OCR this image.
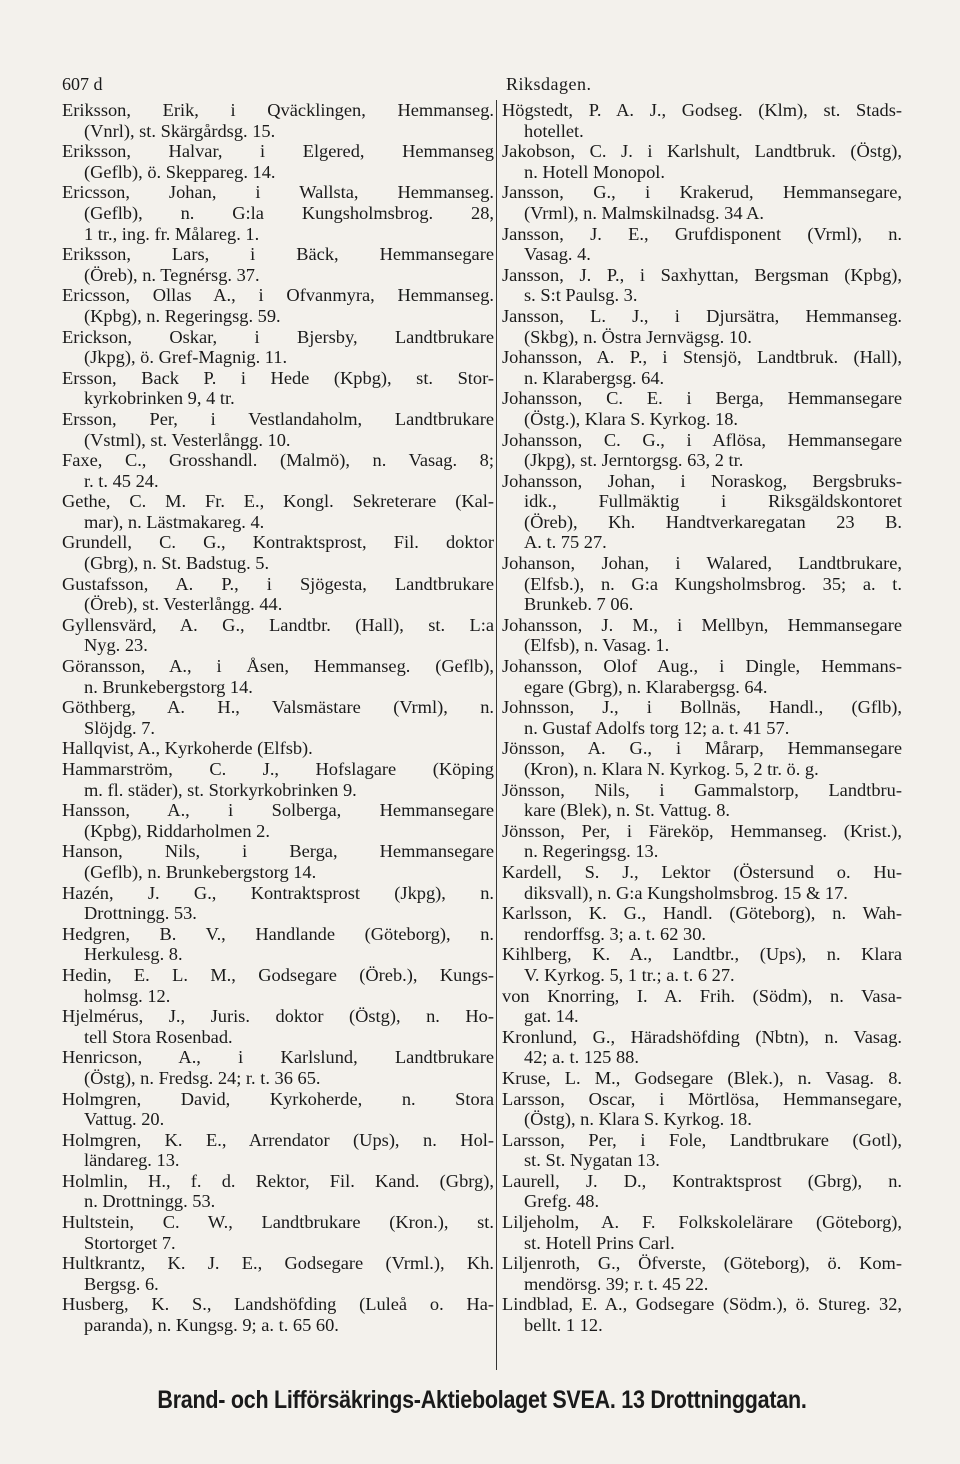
607 d	Riksdagen.
Eriksson, Erik, i Qväcklingen, Hemmanseg.
(Vnrl), st. Skärgårdsg. 15.
Eriksson, Halvar, i Elgered, Hemmanseg
(Geflb), ö. Skeppareg. 14.
Ericsson, Johan, i Wallsta, Hemmanseg.
(Geflb), n. G:la Kungsholmsbrog. 28,
1 tr., ing. fr. Målareg. 1.
Eriksson, Lars, i Bäck, Hemmansegare
(Öreb), n. Tegnérsg. 37.
Ericsson, Ollas A., i Ofvanmyra, Hemmanseg.
(Kpbg), n. Regeringsg. 59.
Erickson, Oskar, i Bjersby, Landtbrukare
(Jkpg), ö. Gref-Magnig. 11.
Ersson, Back P. i Hede (Kpbg), st. Stor-
kyrkobrinken 9, 4 tr.
Ersson, Per, i Vestlandaholm, Landtbrukare
(Vstml), st. Vesterlångg. 10.
Faxe, C., Grosshandl. (Malmö), n. Vasag. 8;
r. t. 45 24.
Gethe, C. M. Fr. E., Kongl. Sekreterare (Kal-
mar), n. Lästmakareg. 4.
Grundell, C. G., Kontraktsprost, Fil. doktor
(Gbrg), n. St. Badstug. 5.
Gustafsson, A. P., i Sjögesta, Landtbrukare
(Öreb), st. Vesterlångg. 44.
Gyllensvärd, A. G., Landtbr. (Hall), st. L:a
Nyg. 23.
Göransson, A., i Åsen, Hemmanseg. (Geflb),
n. Brunkebergstorg 14.
Göthberg, A. H., Valsmästare (Vrml), n.
Slöjdg. 7.
Hallqvist, A., Kyrkoherde (Elfsb).
Hammarström, C. J., Hofslagare (Köping
m. fl. städer), st. Storkyrkobrinken 9.
Hansson, A., i Solberga, Hemmansegare
(Kpbg), Riddarholmen 2.
Hanson, Nils, i Berga, Hemmansegare
(Geflb), n. Brunkebergstorg 14.
Hazén, J. G., Kontraktsprost (Jkpg), n.
Drottningg. 53.
Hedgren, B. V., Handlande (Göteborg), n.
Herkulesg. 8.
Hedin, E. L. M., Godsegare (Öreb.), Kungs-
holmsg. 12.
Hjelmérus, J., Juris. doktor (Östg), n. Ho-
tell Stora Rosenbad.
Henricson, A., i Karlslund, Landtbrukare
(Östg), n. Fredsg. 24; r. t. 36 65.
Holmgren, David, Kyrkoherde, n. Stora
Vattug. 20.
Holmgren, K. E., Arrendator (Ups), n. Hol-
ländareg. 13.
Holmlin, H., f. d. Rektor, Fil. Kand. (Gbrg),
n. Drottningg. 53.
Hultstein, C. W., Landtbrukare (Kron.), st.
Stortorget 7.
Hultkrantz, K. J. E., Godsegare (Vrml.), Kh.
Bergsg. 6.
Husberg, K. S., Landshöfding (Luleå o. Ha-
paranda), n. Kungsg. 9; a. t. 65 60.
Högstedt, P. A. J., Godseg. (Klm), st. Stads-
hotellet.
Jakobson, C. J. i Karlshult, Landtbruk. (Östg),
n. Hotell Monopol.
Jansson, G., i Krakerud, Hemmansegare,
(Vrml), n. Malmskilnadsg. 34 A.
Jansson, J. E., Grufdisponent (Vrml), n.
Vasag. 4.
Jansson, J. P., i Saxhyttan, Bergsman (Kpbg),
s. S:t Paulsg. 3.
Jansson, L. J., i Djursätra, Hemmanseg.
(Skbg), n. Östra Jernvägsg. 10.
Johansson, A. P., i Stensjö, Landtbruk. (Hall),
n. Klarabergsg. 64.
Johansson, C. E. i Berga, Hemmansegare
(Östg.), Klara S. Kyrkog. 18.
Johansson, C. G., i Aflösa, Hemmansegare
(Jkpg), st. Jerntorgsg. 63, 2 tr.
Johansson, Johan, i Noraskog, Bergsbruks-
idk., Fullmäktig i Riksgäldskontoret
(Öreb), Kh. Handtverkaregatan 23 B.
A. t. 75 27.
Johanson, Johan, i Walared, Landtbrukare,
(Elfsb.), n. G:a Kungsholmsbrog. 35; a. t.
Brunkeb. 7 06.
Johansson, J. M., i Mellbyn, Hemmansegare
(Elfsb), n. Vasag. 1.
Johansson, Olof Aug., i Dingle, Hemmans-
egare (Gbrg), n. Klarabergsg. 64.
Johnsson, J., i Bollnäs, Handl., (Gflb),
n. Gustaf Adolfs torg 12; a. t. 41 57.
Jönsson, A. G., i Mårarp, Hemmansegare
(Kron), n. Klara N. Kyrkog. 5, 2 tr. ö. g.
Jönsson, Nils, i Gammalstorp, Landtbru-
kare (Blek), n. St. Vattug. 8.
Jönsson, Per, i Färeköp, Hemmanseg. (Krist.),
n. Regeringsg. 13.
Kardell, S. J., Lektor (Östersund o. Hu-
diksvall), n. G:a Kungsholmsbrog. 15 & 17.
Karlsson, K. G., Handl. (Göteborg), n. Wah-
rendorffsg. 3; a. t. 62 30.
Kihlberg, K. A., Landtbr., (Ups), n. Klara
V. Kyrkog. 5, 1 tr.; a. t. 6 27.
von Knorring, I. A. Frih. (Södm), n. Vasa-
gat. 14.
Kronlund, G., Häradshöfding (Nbtn), n. Vasag.
42; a. t. 125 88.
Kruse, L. M., Godsegare (Blek.), n. Vasag. 8.
Larsson, Oscar, i Mörtlösa, Hemmansegare,
(Östg), n. Klara S. Kyrkog. 18.
Larsson, Per, i Fole, Landtbrukare (Gotl),
st. St. Nygatan 13.
Laurell, J. D., Kontraktsprost (Gbrg), n.
Grefg. 48.
Liljeholm, A. F. Folkskolelärare (Göteborg),
st. Hotell Prins Carl.
Liljenroth, G., Öfverste, (Göteborg), ö. Kom-
mendörsg. 39; r. t. 45 22.
Lindblad, E. A., Godsegare (Södm.), ö. Stureg. 32,
bellt. 1 12.
Brand- och Lifförsäkrings-Aktiebolaget SVEA. 13 Drottninggatan.
